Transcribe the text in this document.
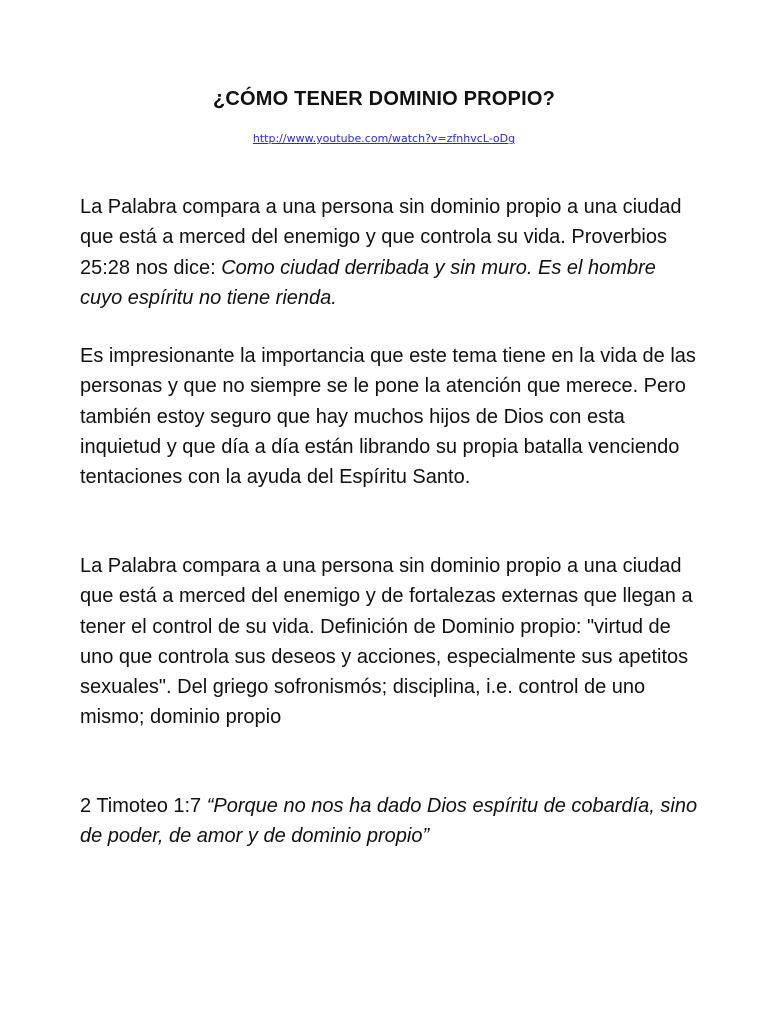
¿CÓMO TENER DOMINIO PROPIO?
http://www.youtube.com/watch?v=zfnhvcL-oDg

La Palabra compara a una persona sin dominio propio a una ciudad que está a merced del enemigo y que controla su vida. Proverbios 25:28 nos dice: Como ciudad derribada y sin muro. Es el hombre cuyo espíritu no tiene rienda.

Es impresionante la importancia que este tema tiene en la vida de las personas y que no siempre se le pone la atención que merece. Pero también estoy seguro que hay muchos hijos de Dios con esta inquietud y que día a día están librando su propia batalla venciendo tentaciones con la ayuda del Espíritu Santo.

La Palabra compara a una persona sin dominio propio a una ciudad que está a merced del enemigo y de fortalezas externas que llegan a tener el control de su vida. Definición de Dominio propio: "virtud de uno que controla sus deseos y acciones, especialmente sus apetitos sexuales". Del griego sofronismós; disciplina, i.e. control de uno mismo; dominio propio

2 Timoteo 1:7 “Porque no nos ha dado Dios espíritu de cobardía, sino de poder, de amor y de dominio propio”
